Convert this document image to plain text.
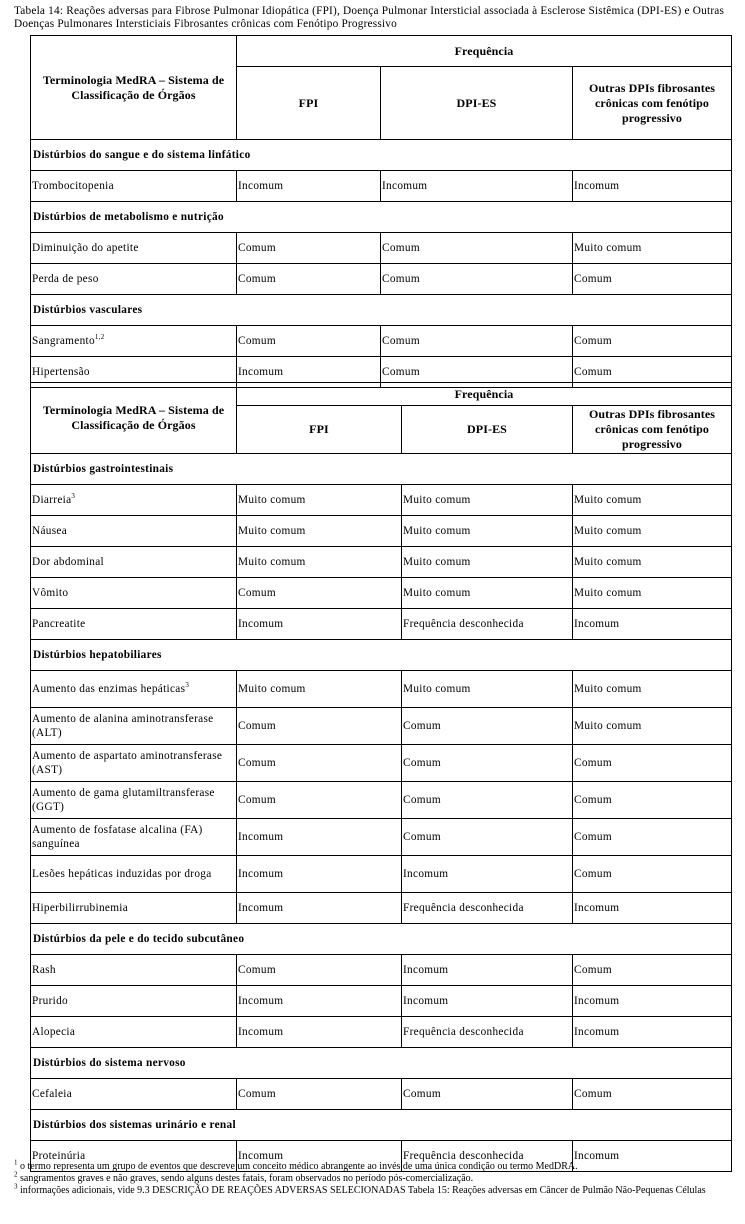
Tabela 14: Reações adversas para Fibrose Pulmonar Idiopática (FPI), Doença Pulmonar Intersticial associada à Esclerose Sistêmica (DPI-ES) e Outras Doenças Pulmonares Intersticiais Fibrosantes crônicas com Fenótipo Progressivo
Terminologia MedRA – Sistema de Classificação de Órgãos	Frequência		
	FPI	DPI-ES	Outras DPIs fibrosantes crônicas com fenótipo progressivo
Distúrbios do sangue e do sistema linfático			
Trombocitopenia	Incomum	Incomum	Incomum
Distúrbios de metabolismo e nutrição			
Diminuição do apetite	Comum	Comum	Muito comum
Perda de peso	Comum	Comum	Comum
Distúrbios vasculares			
Sangramento$^{1,2}$	Comum	Comum	Comum
Hipertensão	Incomum	Comum	Comum
Terminologia MedRA – Sistema de Classificação de Órgãos	Frequência		
	FPI	DPI-ES	Outras DPIs fibrosantes crônicas com fenótipo progressivo
Distúrbios gastrointestinais			
Diarreia$^3$	Muito comum	Muito comum	Muito comum
Náusea	Muito comum	Muito comum	Muito comum
Dor abdominal	Muito comum	Muito comum	Muito comum
Vômito	Comum	Muito comum	Muito comum
Pancreatite	Incomum	Frequência desconhecida	Incomum
Distúrbios hepatobiliares			
Aumento das enzimas hepáticas$^3$	Muito comum	Muito comum	Muito comum
Aumento de alanina aminotransferase (ALT)	Comum	Comum	Muito comum
Aumento de aspartato aminotransferase (AST)	Comum	Comum	Comum
Aumento de gama glutamiltransferase (GGT)	Comum	Comum	Comum
Aumento de fosfatase alcalina (FA) sanguínea	Incomum	Comum	Comum
Lesões hepáticas induzidas por droga	Incomum	Incomum	Comum
Hiperbilirrubinemia	Incomum	Frequência desconhecida	Incomum
Distúrbios da pele e do tecido subcutâneo			
Rash	Comum	Incomum	Comum
Prurido	Incomum	Incomum	Incomum
Alopecia	Incomum	Frequência desconhecida	Incomum
Distúrbios do sistema nervoso			
Cefaleia	Comum	Comum	Comum
Distúrbios dos sistemas urinário e renal			
Proteinúria	Incomum	Frequência desconhecida	Incomum
$^1$ o termo representa um grupo de eventos que descreve um conceito médico abrangente ao invés de uma única condição ou termo MedDRA.
$^2$ sangramentos graves e não graves, sendo alguns destes fatais, foram observados no período pós-comercialização.
$^3$ informações adicionais, vide 9.3 DESCRIÇÃO DE REAÇÕES ADVERSAS SELECIONADAS Tabela 15: Reações adversas em Câncer de Pulmão Não-Pequenas Células
